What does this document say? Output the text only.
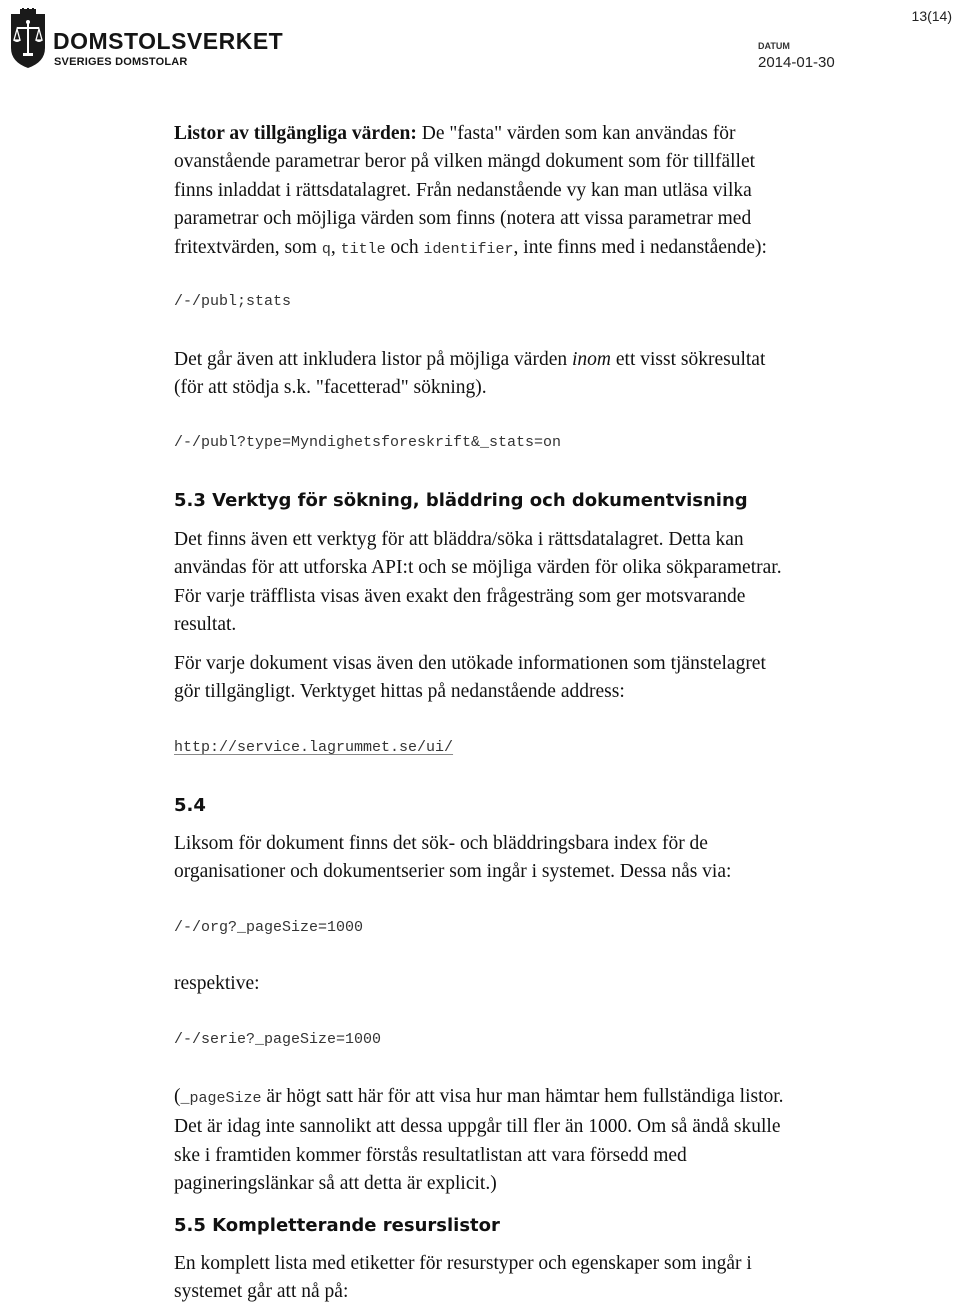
DOMSTOLSVERKET
SVERIGES DOMSTOLAR
13(14)
DATUM
2014-01-30

Listor av tillgängliga värden: De "fasta" värden som kan användas för

ovanstående parametrar beror på vilken mängd dokument som för tillfället

finns inladdat i rättsdatalagret. Från nedanstående vy kan man utläsa vilka

parametrar och möjliga värden som finns (notera att vissa parametrar med

fritextvärden, som q, title och identifier, inte finns med i nedanstående):

/-/publ;stats

Det går även att inkludera listor på möjliga värden inom ett visst sökresultat

(för att stödja s.k. "facetterad" sökning).

/-/publ?type=Myndighetsforeskrift&_stats=on
5.3 Verktyg för sökning, bläddring och dokumentvisning

Det finns även ett verktyg för att bläddra/söka i rättsdatalagret. Detta kan

användas för att utforska API:t och se möjliga värden för olika sökparametrar.

För varje träfflista visas även exakt den frågesträng som ger motsvarande

resultat.

För varje dokument visas även den utökade informationen som tjänstelagret

gör tillgängligt. Verktyget hittas på nedanstående address:

http://service.lagrummet.se/ui/
5.4

Liksom för dokument finns det sök- och bläddringsbara index för de

organisationer och dokumentserier som ingår i systemet. Dessa nås via:

/-/org?_pageSize=1000

respektive:

/-/serie?_pageSize=1000

(_pageSize är högt satt här för att visa hur man hämtar hem fullständiga listor.

Det är idag inte sannolikt att dessa uppgår till fler än 1000. Om så ändå skulle

ske i framtiden kommer förstås resultatlistan att vara försedd med

pagineringslänkar så att detta är explicit.)

5.5 Kompletterande resurslistor

En komplett lista med etiketter för resurstyper och egenskaper som ingår i

systemet går att nå på:
